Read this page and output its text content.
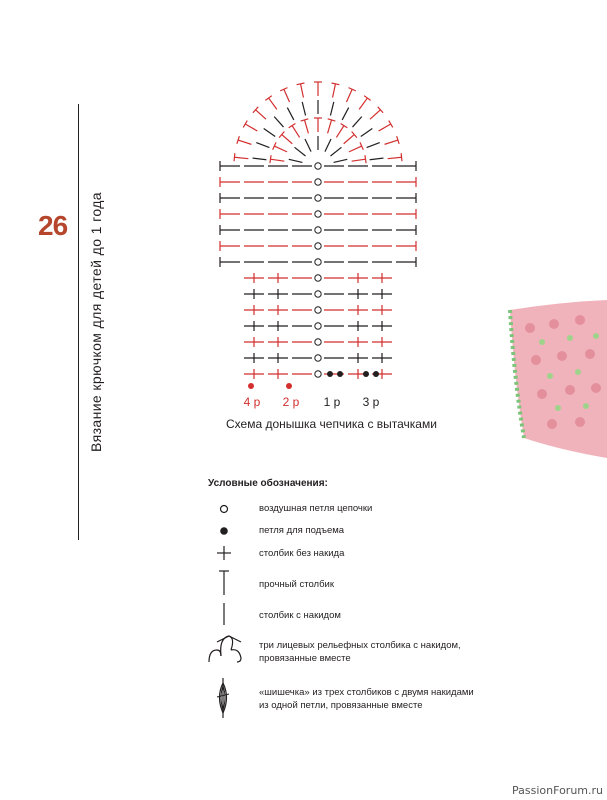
26 Вязание крючком для детей до 1 года	4 р 2 р 1 р 3 р
Схема донышка чепчика с вытачками
Условные обозначения:
воздушная петля цепочки
петля для подъема
столбик без накида
прочный столбик
столбик с накидом
три лицевых рельефных столбика с накидом, провязанные вместе
«шишечка» из трех столбиков с двумя накидами из одной петли, провязанные вместе
PassionForum.ru
